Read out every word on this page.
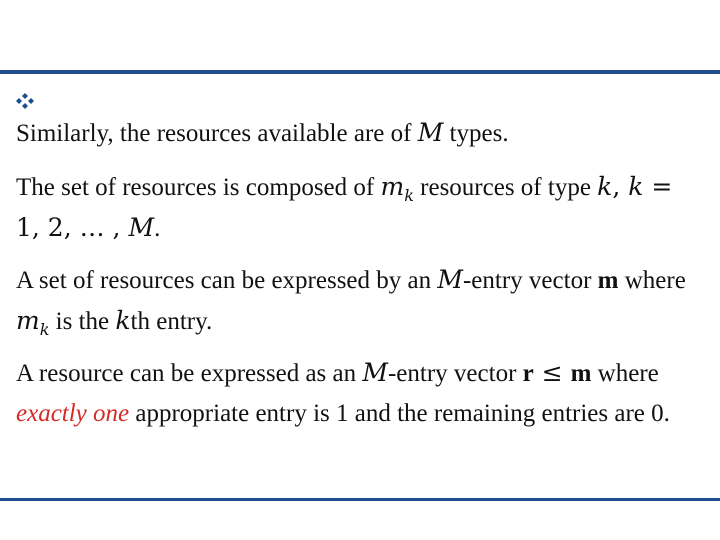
Similarly, the resources available are of M types.

The set of resources is composed of $m_k$ resources of type k, k = 1, 2, … , M.

A set of resources can be expressed by an M-entry vector m where $m_k$ is the kth entry.

A resource can be expressed as an M-entry vector r ≤ m where exactly one appropriate entry is 1 and the remaining entries are 0.
